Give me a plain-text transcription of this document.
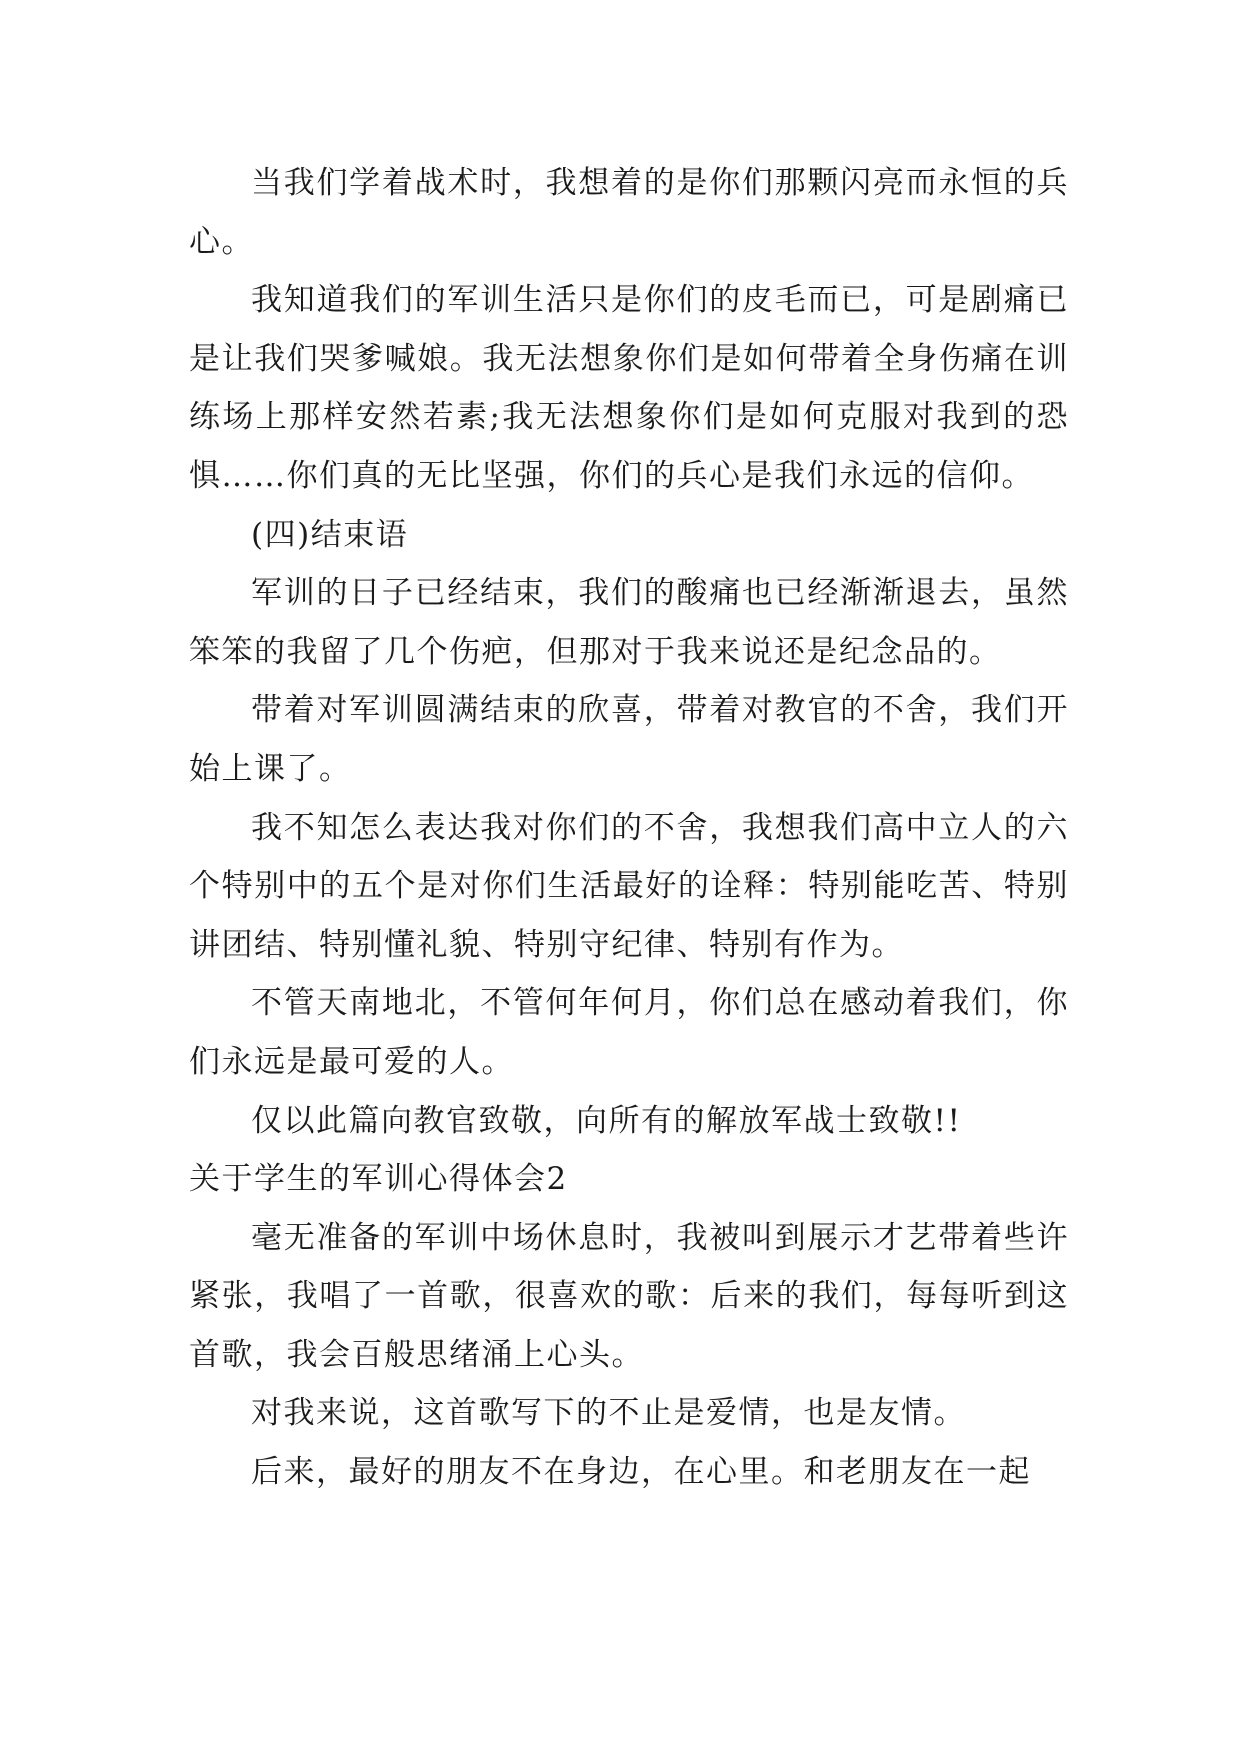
当我们学着战术时，我想着的是你们那颗闪亮而永恒的兵心。

我知道我们的军训生活只是你们的皮毛而已，可是剧痛已是让我们哭爹喊娘。我无法想象你们是如何带着全身伤痛在训练场上那样安然若素;我无法想象你们是如何克服对我到的恐惧……你们真的无比坚强，你们的兵心是我们永远的信仰。

(四)结束语

军训的日子已经结束，我们的酸痛也已经渐渐退去，虽然笨笨的我留了几个伤疤，但那对于我来说还是纪念品的。

带着对军训圆满结束的欣喜，带着对教官的不舍，我们开始上课了。

我不知怎么表达我对你们的不舍，我想我们高中立人的六个特别中的五个是对你们生活最好的诠释：特别能吃苦、特别讲团结、特别懂礼貌、特别守纪律、特别有作为。

不管天南地北，不管何年何月，你们总在感动着我们，你们永远是最可爱的人。

仅以此篇向教官致敬，向所有的解放军战士致敬!!

关于学生的军训心得体会2

毫无准备的军训中场休息时，我被叫到展示才艺带着些许紧张，我唱了一首歌，很喜欢的歌：后来的我们，每每听到这首歌，我会百般思绪涌上心头。

对我来说，这首歌写下的不止是爱情，也是友情。

后来，最好的朋友不在身边，在心里。和老朋友在一起
